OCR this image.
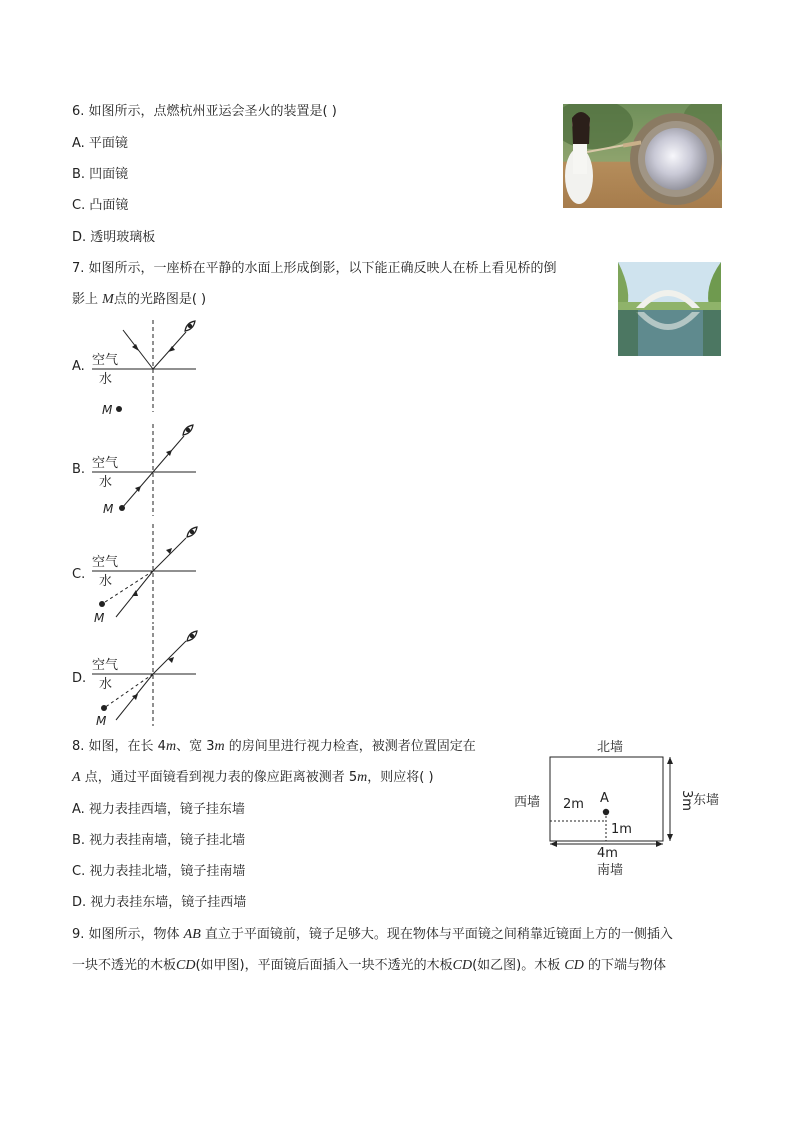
6. 如图所示，点燃杭州亚运会圣火的装置是( )
A. 平面镜
B. 凹面镜
C. 凸面镜
D. 透明玻璃板
7. 如图所示，一座桥在平静的水面上形成倒影，以下能正确反映人在桥上看见桥的倒
影上 M点的光路图是( )
A. 空气
水
M
B. 空气
水
M
C.
空气
水
M
D.
空气
水
M
8. 如图，在长 4m、宽 3m 的房间里进行视力检查，被测者位置固定在
A 点，通过平面镜看到视力表的像应距离被测者 5m，则应将( )
A. 视力表挂西墙，镜子挂东墙
B. 视力表挂南墙，镜子挂北墙
C. 视力表挂北墙，镜子挂南墙
D. 视力表挂东墙，镜子挂西墙
北墙
西墙	东墙
3m
2m A
1m
4m
南墙
9. 如图所示，物体 AB 直立于平面镜前，镜子足够大。现在物体与平面镜之间稍靠近镜面上方的一侧插入
一块不透光的木板CD(如甲图)，平面镜后面插入一块不透光的木板CD(如乙图)。木板 CD 的下端与物体
